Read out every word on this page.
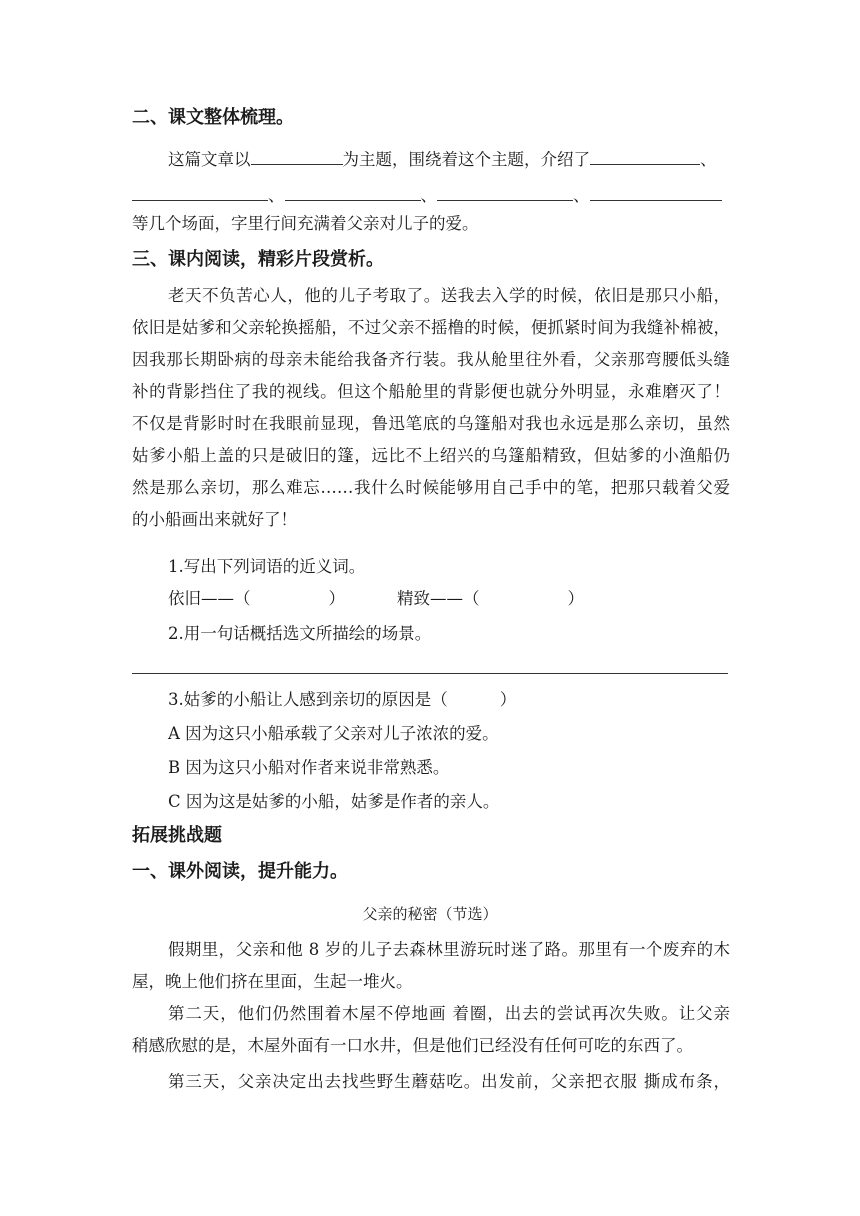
二、课文整体梳理。
这篇文章以	为主题，围绕着这个主题，介绍了	、
、	、	、
等几个场面，字里行间充满着父亲对儿子的爱。
三、课内阅读，精彩片段赏析。
老天不负苦心人，他的儿子考取了。送我去入学的时候，依旧是那只小船，
依旧是姑爹和父亲轮换摇船，不过父亲不摇橹的时候，便抓紧时间为我缝补棉被，
因我那长期卧病的母亲未能给我备齐行装。我从舱里往外看，父亲那弯腰低头缝
补的背影挡住了我的视线。但这个船舱里的背影便也就分外明显，永难磨灭了！
不仅是背影时时在我眼前显现，鲁迅笔底的乌篷船对我也永远是那么亲切，虽然
姑爹小船上盖的只是破旧的篷，远比不上绍兴的乌篷船精致，但姑爹的小渔船仍
然是那么亲切，那么难忘……我什么时候能够用自己手中的笔，把那只载着父爱
的小船画出来就好了！
1.写出下列词语的近义词。
依旧——（	）	精致——（	）
2.用一句话概括选文所描绘的场景。
3.姑爹的小船让人感到亲切的原因是（	）
A 因为这只小船承载了父亲对儿子浓浓的爱。
B 因为这只小船对作者来说非常熟悉。
C 因为这是姑爹的小船，姑爹是作者的亲人。
拓展挑战题
一、课外阅读，提升能力。
父亲的秘密（节选）
假期里，父亲和他 8 岁的儿子去森林里游玩时迷了路。那里有一个废弃的木
屋，晚上他们挤在里面，生起一堆火。
第二天，他们仍然围着木屋不停地画 着圈，出去的尝试再次失败。让父亲
稍感欣慰的是，木屋外面有一口水井，但是他们已经没有任何可吃的东西了。
第三天，父亲决定出去找些野生蘑菇吃。出发前，父亲把衣服 撕成布条，
